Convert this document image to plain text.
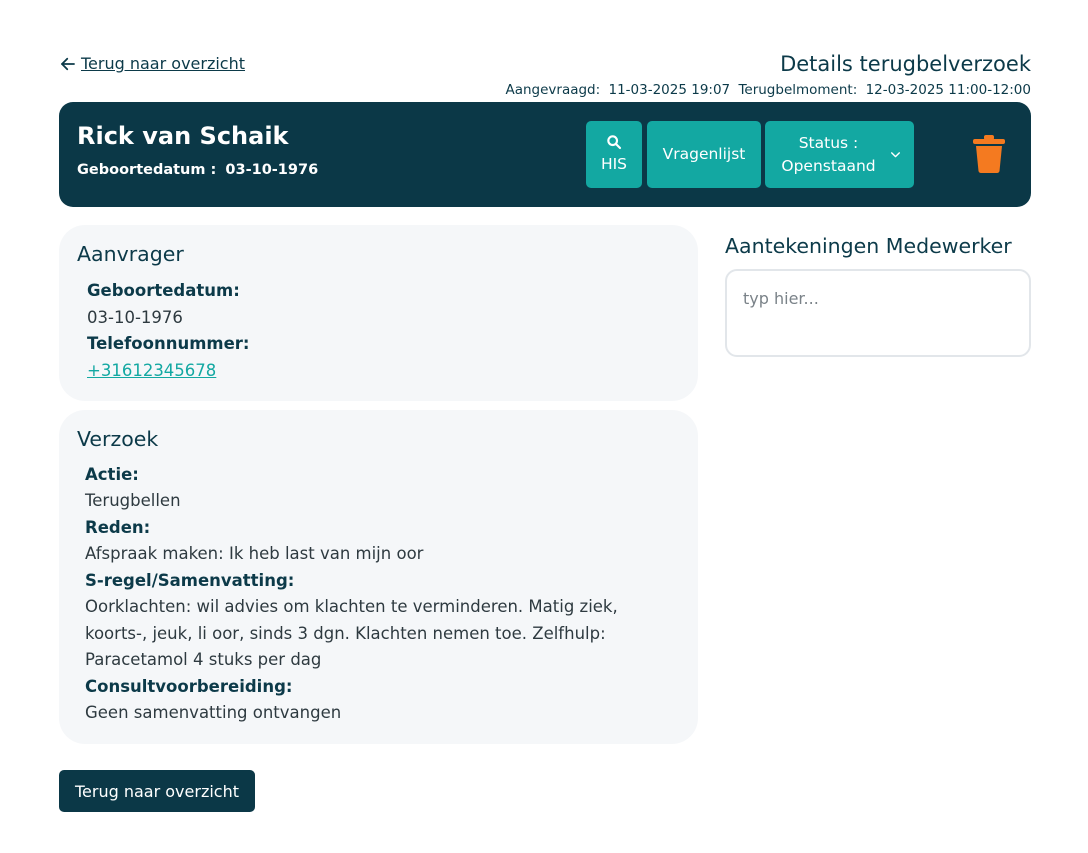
Terug naar overzicht	Details terugbelverzoek
Aangevraagd: 11-03-2025 19:07 Terugbelmoment: 12-03-2025 11:00-12:00
Rick van Schaik
Geboortedatum : 03-10-1976	HIS
Vragenlijst
Status :
Openstaand
Aanvrager
Geboortedatum:
03-10-1976
Telefoonnummer:
+31612345678
Verzoek
Actie:
Terugbellen
Reden:
Afspraak maken: Ik heb last van mijn oor
S-regel/Samenvatting:
Oorklachten: wil advies om klachten te verminderen. Matig ziek, koorts-, jeuk, li oor, sinds 3 dgn. Klachten nemen toe. Zelfhulp: Paracetamol 4 stuks per dag
Consultvoorbereiding:
Geen samenvatting ontvangen
Aantekeningen Medewerker
typ hier...
Terug naar overzicht
